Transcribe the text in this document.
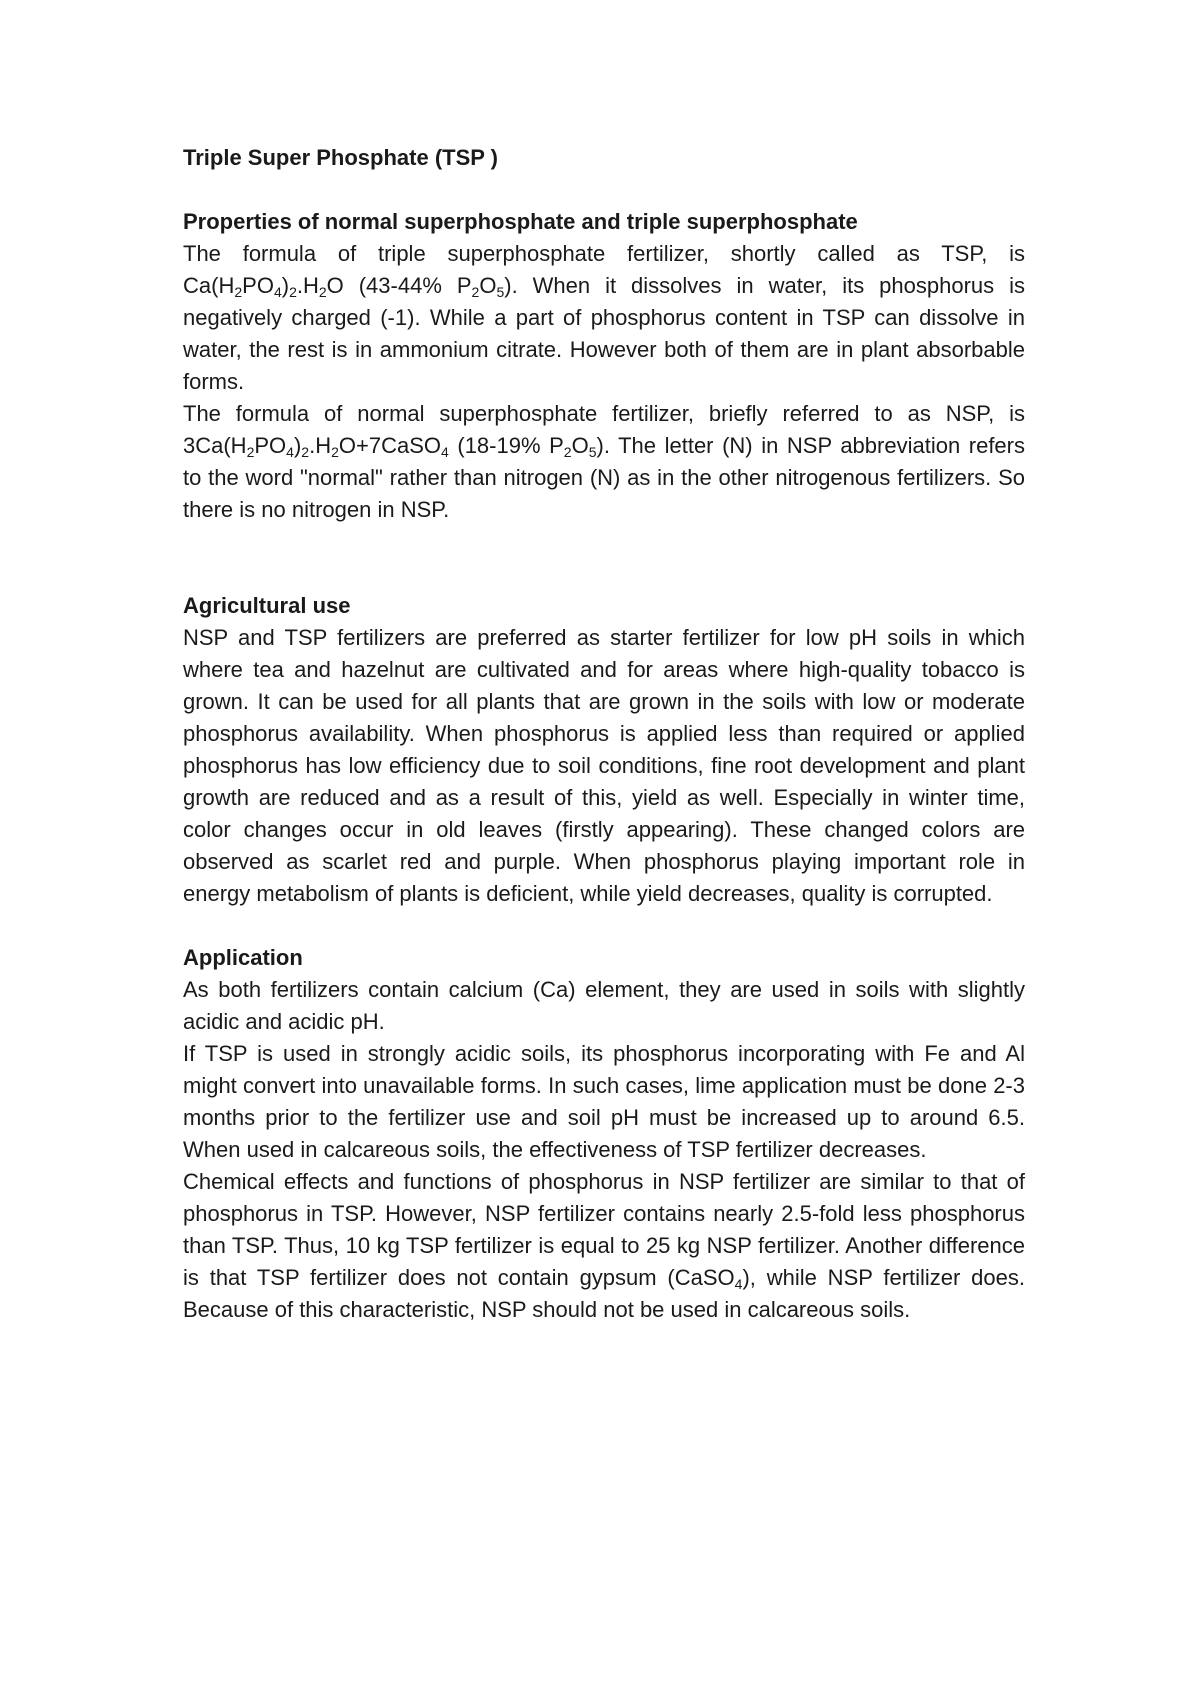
Triple Super Phosphate (TSP )

Properties of normal superphosphate and triple superphosphate

The formula of triple superphosphate fertilizer, shortly called as TSP, is $Ca(H_2PO_4)_2.H_2O$ (43-44% $P_2O_5$). When it dissolves in water, its phosphorus is negatively charged (-1). While a part of phosphorus content in TSP can dissolve in water, the rest is in ammonium citrate. However both of them are in plant absorbable forms.

The formula of normal superphosphate fertilizer, briefly referred to as NSP, is $3Ca(H_2PO_4)_2.H_2O+7CaSO_4$ (18-19% $P_2O_5$). The letter (N) in NSP abbreviation refers to the word "normal" rather than nitrogen (N) as in the other nitrogenous fertilizers. So there is no nitrogen in NSP.

Agricultural use

NSP and TSP fertilizers are preferred as starter fertilizer for low pH soils in which where tea and hazelnut are cultivated and for areas where high-quality tobacco is grown. It can be used for all plants that are grown in the soils with low or moderate phosphorus availability. When phosphorus is applied less than required or applied phosphorus has low efficiency due to soil conditions, fine root development and plant growth are reduced and as a result of this, yield as well. Especially in winter time, color changes occur in old leaves (firstly appearing). These changed colors are observed as scarlet red and purple. When phosphorus playing important role in energy metabolism of plants is deficient, while yield decreases, quality is corrupted.

Application

As both fertilizers contain calcium (Ca) element, they are used in soils with slightly acidic and acidic pH.

If TSP is used in strongly acidic soils, its phosphorus incorporating with Fe and Al might convert into unavailable forms. In such cases, lime application must be done 2-3 months prior to the fertilizer use and soil pH must be increased up to around 6.5. When used in calcareous soils, the effectiveness of TSP fertilizer decreases.

Chemical effects and functions of phosphorus in NSP fertilizer are similar to that of phosphorus in TSP. However, NSP fertilizer contains nearly 2.5-fold less phosphorus than TSP. Thus, 10 kg TSP fertilizer is equal to 25 kg NSP fertilizer. Another difference is that TSP fertilizer does not contain gypsum (CaSO$_4$), while NSP fertilizer does. Because of this characteristic, NSP should not be used in calcareous soils.
